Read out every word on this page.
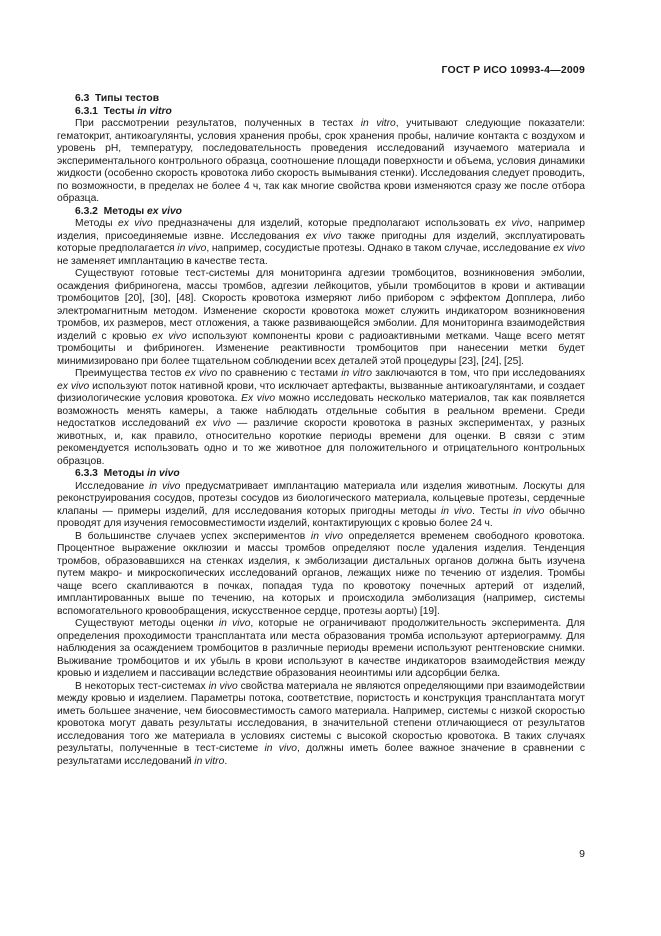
ГОСТ Р ИСО 10993-4—2009

6.3  Типы тестов

6.3.1  Тесты in vitro

При рассмотрении результатов, полученных в тестах in vitro, учитывают следующие показатели: гематокрит, антикоагулянты, условия хранения пробы, срок хранения пробы, наличие контакта с воздухом и уровень pH, температуру, последовательность проведения исследований изучаемого материала и экспериментального контрольного образца, соотношение площади поверхности и объема, условия динамики жидкости (особенно скорость кровотока либо скорость вымывания стенки). Исследования следует проводить, по возможности, в пределах не более 4 ч, так как многие свойства крови изменяются сразу же после отбора образца.

6.3.2  Методы ex vivo

Методы ex vivo предназначены для изделий, которые предполагают использовать ex vivo, например изделия, присоединяемые извне. Исследования ex vivo также пригодны для изделий, эксплуатировать которые предполагается in vivo, например, сосудистые протезы. Однако в таком случае, исследование ex vivo не заменяет имплантацию в качестве теста.

Существуют готовые тест-системы для мониторинга адгезии тромбоцитов, возникновения эмболии, осаждения фибриногена, массы тромбов, адгезии лейкоцитов, убыли тромбоцитов в крови и активации тромбоцитов [20], [30], [48]. Скорость кровотока измеряют либо прибором с эффектом Допплера, либо электромагнитным методом. Изменение скорости кровотока может служить индикатором возникновения тромбов, их размеров, мест отложения, а также развивающейся эмболии. Для мониторинга взаимодействия изделий с кровью ex vivo используют компоненты крови с радиоактивными метками. Чаще всего метят тромбоциты и фибриноген. Изменение реактивности тромбоцитов при нанесении метки будет минимизировано при более тщательном соблюдении всех деталей этой процедуры [23], [24], [25].

Преимущества тестов ex vivo по сравнению с тестами in vitro заключаются в том, что при исследованиях ex vivo используют поток нативной крови, что исключает артефакты, вызванные антикоагулянтами, и создает физиологические условия кровотока. Ex vivo можно исследовать несколько материалов, так как появляется возможность менять камеры, а также наблюдать отдельные события в реальном времени. Среди недостатков исследований ex vivo — различие скорости кровотока в разных экспериментах, у разных животных, и, как правило, относительно короткие периоды времени для оценки. В связи с этим рекомендуется использовать одно и то же животное для положительного и отрицательного контрольных образцов.

6.3.3  Методы in vivo

Исследование in vivo предусматривает имплантацию материала или изделия животным. Лоскуты для реконструирования сосудов, протезы сосудов из биологического материала, кольцевые протезы, сердечные клапаны — примеры изделий, для исследования которых пригодны методы in vivo. Тесты in vivo обычно проводят для изучения гемосовместимости изделий, контактирующих с кровью более 24 ч.

В большинстве случаев успех экспериментов in vivo определяется временем свободного кровотока. Процентное выражение окклюзии и массы тромбов определяют после удаления изделия. Тенденция тромбов, образовавшихся на стенках изделия, к эмболизации дистальных органов должна быть изучена путем макро- и микроскопических исследований органов, лежащих ниже по течению от изделия. Тромбы чаще всего скапливаются в почках, попадая туда по кровотоку почечных артерий от изделий, имплантированных выше по течению, на которых и происходила эмболизация (например, системы вспомогательного кровообращения, искусственное сердце, протезы аорты) [19].

Существуют методы оценки in vivo, которые не ограничивают продолжительность эксперимента. Для определения проходимости трансплантата или места образования тромба используют артериограмму. Для наблюдения за осаждением тромбоцитов в различные периоды времени используют рентгеновские снимки. Выживание тромбоцитов и их убыль в крови используют в качестве индикаторов взаимодействия между кровью и изделием и пассивации вследствие образования неоинтимы или адсорбции белка.

В некоторых тест-системах in vivo свойства материала не являются определяющими при взаимодействии между кровью и изделием. Параметры потока, соответствие, пористость и конструкция трансплантата могут иметь большее значение, чем биосовместимость самого материала. Например, системы с низкой скоростью кровотока могут давать результаты исследования, в значительной степени отличающиеся от результатов исследования того же материала в условиях системы с высокой скоростью кровотока. В таких случаях результаты, полученные в тест-системе in vivo, должны иметь более важное значение в сравнении с результатами исследований in vitro.

9
